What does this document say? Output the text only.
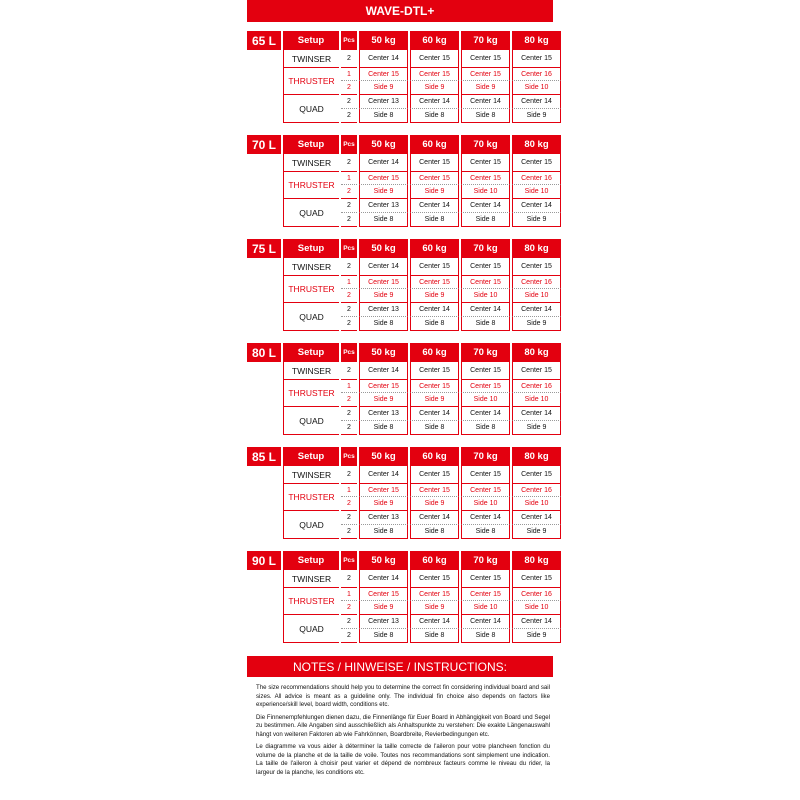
WAVE-DTL+
65 L	Setup	Pcs	50 kg	60 kg	70 kg	80 kg
TWINSER	2	Center 14	Center 15	Center 15	Center 15
THRUSTER
1	Center 15	Center 15	Center 15	Center 16
2	Side 9	Side 9	Side 9	Side 10
QUAD
2	Center 13	Center 14	Center 14	Center 14
2	Side 8	Side 8	Side 8	Side 9
70 L	Setup	Pcs	50 kg	60 kg	70 kg	80 kg
TWINSER	2	Center 14	Center 15	Center 15	Center 15
THRUSTER
1	Center 15	Center 15	Center 15	Center 16
2	Side 9	Side 9	Side 10	Side 10
QUAD
2	Center 13	Center 14	Center 14	Center 14
2	Side 8	Side 8	Side 8	Side 9
75 L	Setup	Pcs	50 kg	60 kg	70 kg	80 kg
TWINSER	2	Center 14	Center 15	Center 15	Center 15
THRUSTER
1	Center 15	Center 15	Center 15	Center 16
2	Side 9	Side 9	Side 10	Side 10
QUAD
2	Center 13	Center 14	Center 14	Center 14
2	Side 8	Side 8	Side 8	Side 9
80 L	Setup	Pcs	50 kg	60 kg	70 kg	80 kg
TWINSER	2	Center 14	Center 15	Center 15	Center 15
THRUSTER
1	Center 15	Center 15	Center 15	Center 16
2	Side 9	Side 9	Side 10	Side 10
QUAD
2	Center 13	Center 14	Center 14	Center 14
2	Side 8	Side 8	Side 8	Side 9
85 L	Setup	Pcs	50 kg	60 kg	70 kg	80 kg
TWINSER	2	Center 14	Center 15	Center 15	Center 15
THRUSTER
1	Center 15	Center 15	Center 15	Center 16
2	Side 9	Side 9	Side 10	Side 10
QUAD
2	Center 13	Center 14	Center 14	Center 14
2	Side 8	Side 8	Side 8	Side 9
90 L	Setup	Pcs	50 kg	60 kg	70 kg	80 kg
TWINSER	2	Center 14	Center 15	Center 15	Center 15
THRUSTER
1	Center 15	Center 15	Center 15	Center 16
2	Side 9	Side 9	Side 10	Side 10
QUAD
2	Center 13	Center 14	Center 14	Center 14
2	Side 8	Side 8	Side 8	Side 9
NOTES / HINWEISE / INSTRUCTIONS:

The size recommendations should help you to determine the correct fin considering individual board and sail sizes. All advice is meant as a guideline only. The individual fin choice also depends on factors like experience/skill level, board width, conditions etc.

Die Finnenempfehlungen dienen dazu, die Finnenlänge für Euer Board in Abhängigkeit von Board und Segel zu bestimmen. Alle Angaben sind ausschließlich als Anhaltspunkte zu verstehen: Die exakte Längenauswahl hängt von weiteren Faktoren ab wie Fahrkönnen, Boardbreite, Revierbedingungen etc.

Le diagramme va vous aider à déterminer la taille correcte de l'aileron pour votre plancheen fonction du volume de la planche et de la taille de voile. Toutes nos recommandations sont simplement une indication. La taille de l'aileron à choisir peut varier et dépend de nombreux facteurs comme le niveau du rider, la largeur de la planche, les conditions etc.
